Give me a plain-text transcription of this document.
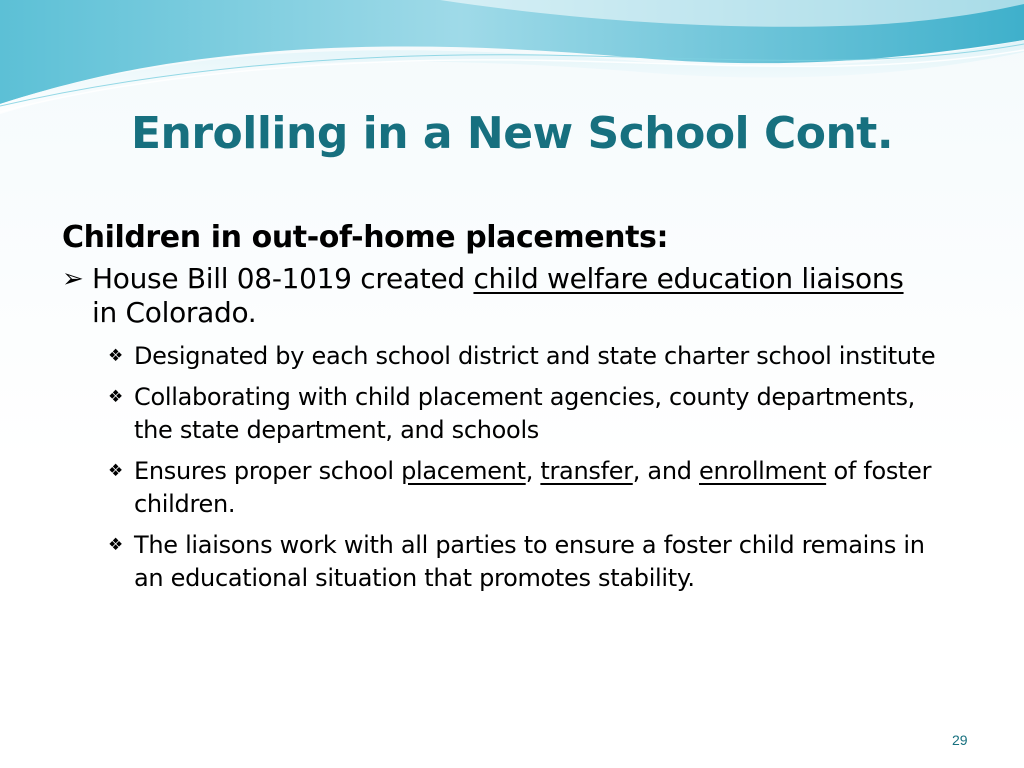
Enrolling in a New School Cont.
Children in out-of-home placements:
➢ House Bill 08-1019 created child welfare education liaisons in Colorado.
❖ Designated by each school district and state charter school institute
❖ Collaborating with child placement agencies, county departments, the state department, and schools
❖ Ensures proper school placement, transfer, and enrollment of foster children.
❖ The liaisons work with all parties to ensure a foster child remains in an educational situation that promotes stability.
29
